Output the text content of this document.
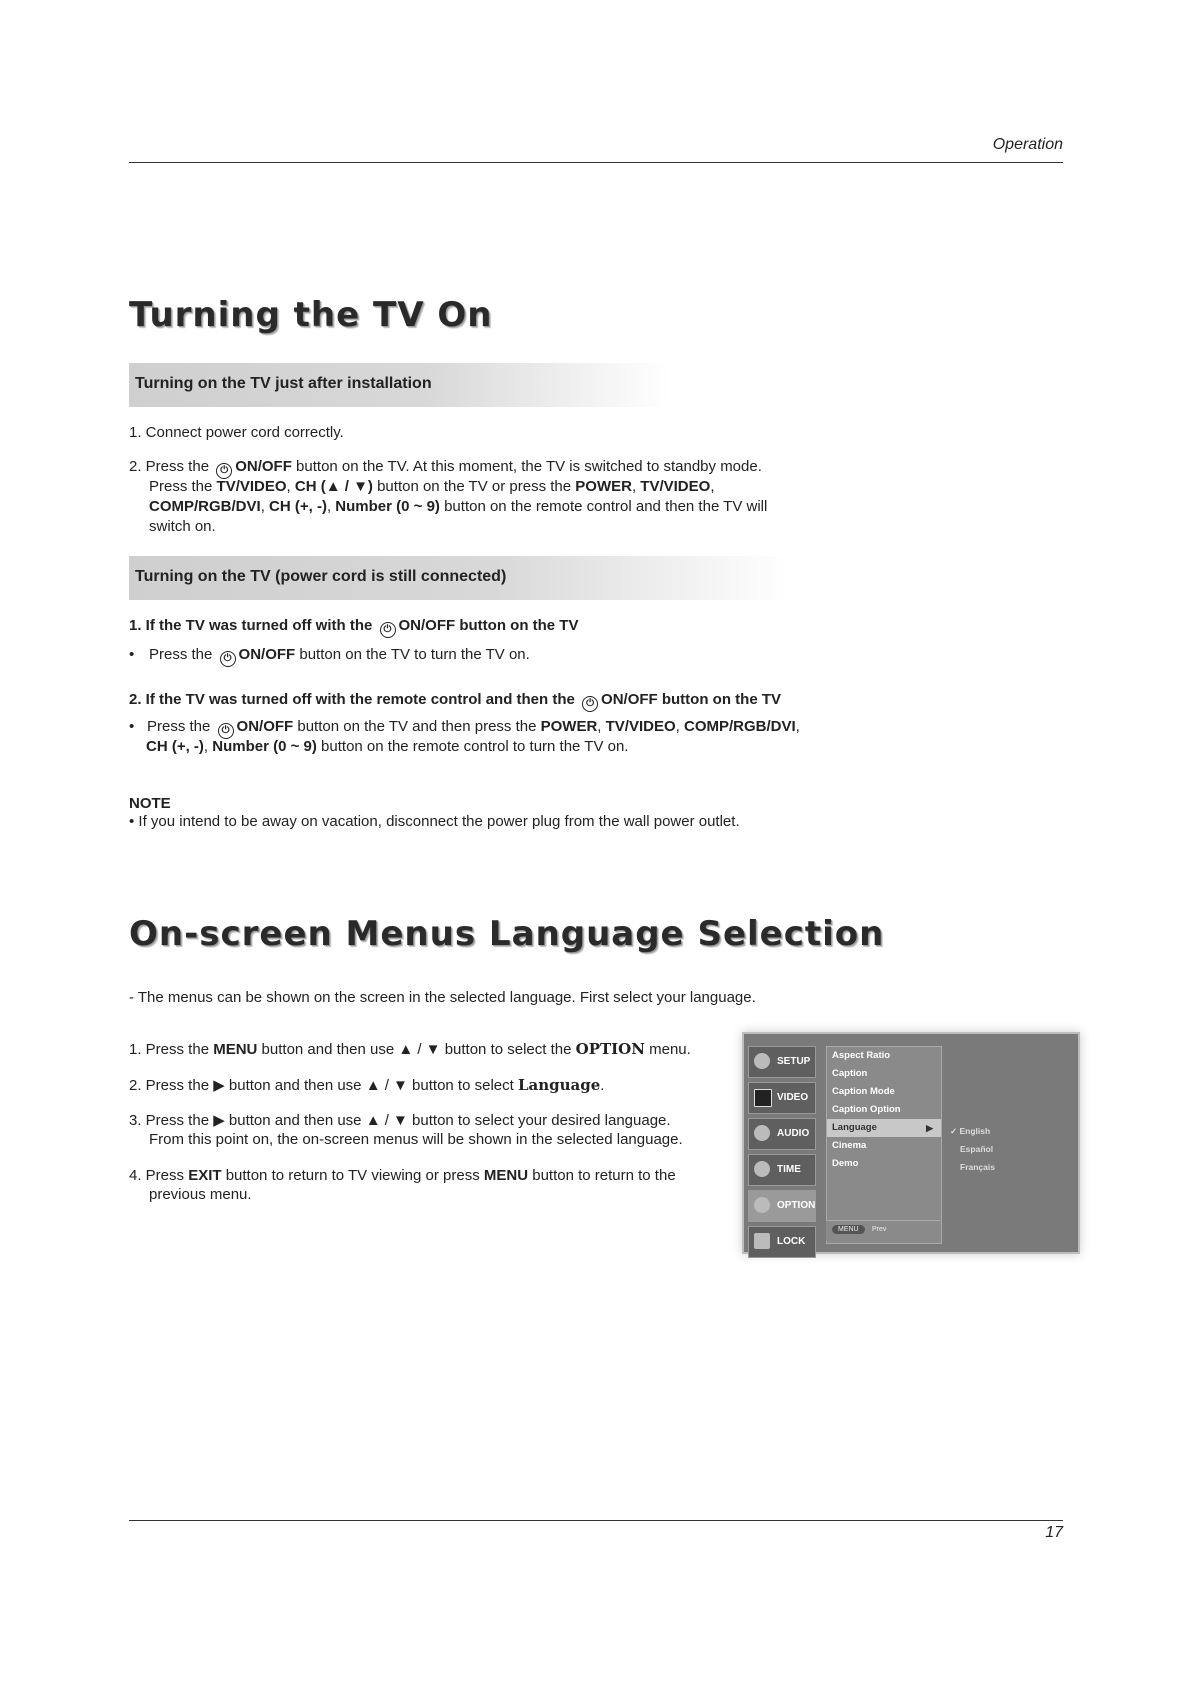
Operation
Turning the TV On
Turning on the TV just after installation
1. Connect power cord correctly.
2. Press the ⏻ ON/OFF button on the TV. At this moment, the TV is switched to standby mode.
Press the TV/VIDEO, CH (▲ / ▼) button on the TV or press the POWER, TV/VIDEO,
COMP/RGB/DVI, CH (+, -), Number (0 ~ 9) button on the remote control and then the TV will
switch on.
Turning on the TV (power cord is still connected)
1. If the TV was turned off with the ⏻ ON/OFF button on the TV
• Press the ⏻ ON/OFF button on the TV to turn the TV on.
2. If the TV was turned off with the remote control and then the ⏻ ON/OFF button on the TV
• Press the ⏻ ON/OFF button on the TV and then press the POWER, TV/VIDEO, COMP/RGB/DVI,
CH (+, -), Number (0 ~ 9) button on the remote control to turn the TV on.
NOTE
• If you intend to be away on vacation, disconnect the power plug from the wall power outlet.
On-screen Menus Language Selection
- The menus can be shown on the screen in the selected language. First select your language.
1. Press the MENU button and then use ▲ / ▼ button to select the OPTION menu.
2. Press the ▶ button and then use ▲ / ▼ button to select Language.
3. Press the ▶ button and then use ▲ / ▼ button to select your desired language.
From this point on, the on-screen menus will be shown in the selected language.
4. Press EXIT button to return to TV viewing or press MENU button to return to the
previous menu.
SETUP
VIDEO
AUDIO
TIME
OPTION
LOCK
Aspect Ratio
Caption
Caption Mode
Caption Option
Language ▶
Cinema
Demo
MENU	Prev
✓ English
Español
Français
17
